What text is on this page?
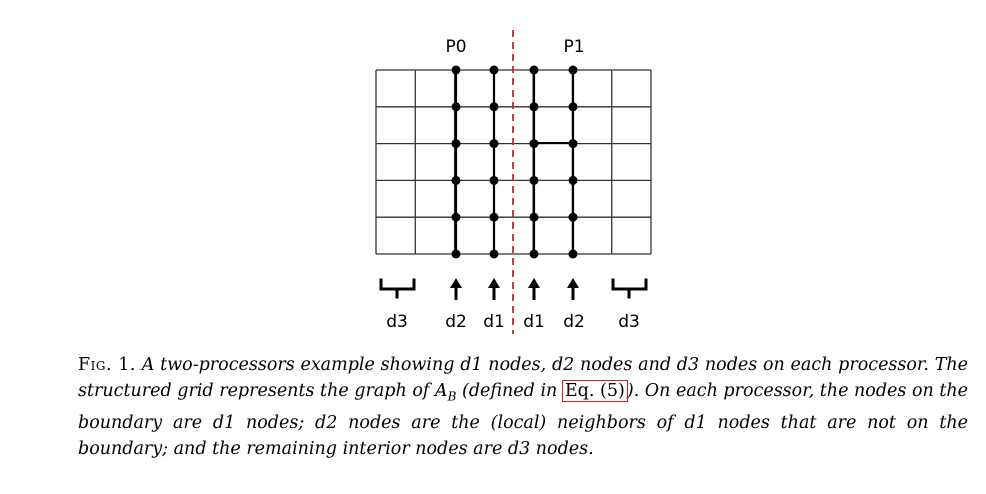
P0	P1
d3 d2 d1 d1 d2 d3
Fig. 1. A two-processors example showing d1 nodes, d2 nodes and d3 nodes on each processor. The structured grid represents the graph of $A_B$ (defined in Eq. (5) ). On each processor, the nodes on the boundary are d1 nodes; d2 nodes are the (local) neighbors of d1 nodes that are not on the boundary; and the remaining interior nodes are d3 nodes.
